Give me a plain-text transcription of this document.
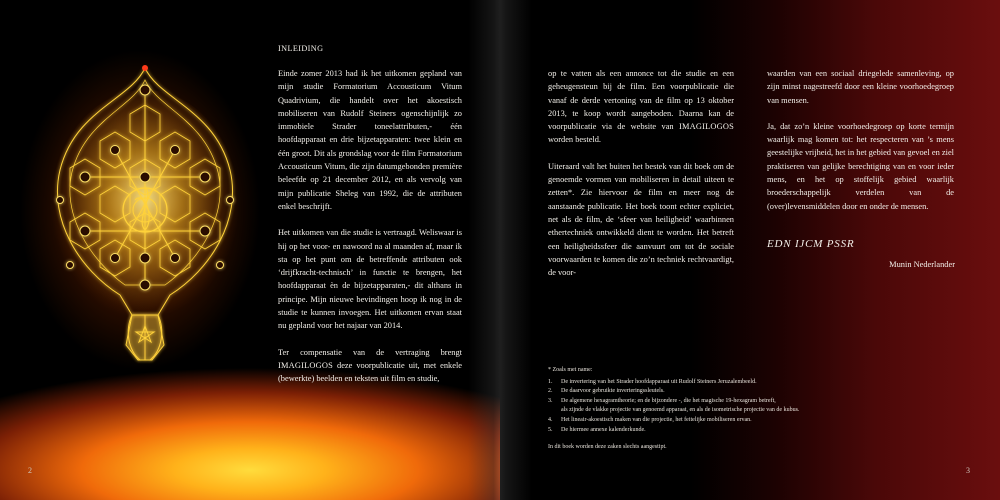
INLEIDING

Einde zomer 2013 had ik het uitkomen gepland van mijn studie Formatorium Accousticum Vitum Quadrivium, die handelt over het akoestisch mobiliseren van Rudolf Steiners ogenschijnlijk zo immobiele Strader toneelattributen,- één hoofdapparaat en drie bijzetapparaten: twee klein en één groot. Dit als grondslag voor de film Formatorium Accousticum Vitum, die zijn datumgebonden première beleefde op 21 december 2012, en als vervolg van mijn publicatie Sheleg van 1992, die de attributen enkel beschrijft.

Het uitkomen van die studie is vertraagd. Weliswaar is hij op het voor- en nawoord na al maanden af, maar ik sta op het punt om de betreffende attributen ook ‘drijfkracht-technisch’ in functie te brengen, het hoofdapparaat èn de bijzetapparaten,- dit althans in principe. Mijn nieuwe bevindingen hoop ik nog in de studie te kunnen invoegen. Het uitkomen ervan staat nu gepland voor het najaar van 2014.

Ter compensatie van de vertraging brengt IMAGILOGOS deze voorpublicatie uit, met enkele (bewerkte) beelden en teksten uit film en studie,

2

op te vatten als een annonce tot die studie en een geheugensteun bij de film. Een voorpublicatie die vanaf de derde vertoning van de film op 13 oktober 2013, te koop wordt aangeboden. Daarna kan de voorpublicatie via de website van IMAGILOGOS worden besteld.

Uiteraard valt het buiten het bestek van dit boek om de genoemde vormen van mobiliseren in detail uiteen te zetten*. Zie hiervoor de film en meer nog de aanstaande publicatie. Het boek toont echter expliciet, net als de film, de ‘sfeer van heiligheid’ waarbinnen ethertechniek ontwikkeld dient te worden. Het betreft een heiligheidssfeer die aanvuurt om tot de sociale voorwaarden te komen die zo’n techniek rechtvaardigt, de voor-

waarden van een sociaal driegelede samenleving, op zijn minst nagestreefd door een kleine voorhoedegroep van mensen.

Ja, dat zo’n kleine voorhoedegroep op korte termijn waarlijk mag komen tot: het respecteren van ’s mens geestelijke vrijheid, het in het gebied van gevoel en ziel praktiseren van gelijke berechtiging van en voor ieder mens, en het op stoffelijk gebied waarlijk broederschappelijk verdelen van de (over)levensmiddelen door en onder de mensen.

EDN IJCM PSSR
Munin Nederlander
* Zoals met name:
1.	De invertering van het Strader hoofdapparaat uit Rudolf Steiners Jeruzalembeeld.
2.	De daarvoor gebruikte inverteringssleutels.
3.	De algemene hexagramtheorie; en de bijzondere -, die het magische 19-hexagram betreft,
als zijnde de vlakke projectie van genoemd apparaat, en als de isometrische projectie van de kubus.
4.	Het lineair-akoestisch maken van die projectie, het feitelijke mobiliseren ervan.
5.	De hiermee annexe kalenderkunde.
In dit boek worden deze zaken slechts aangestipt.
3
